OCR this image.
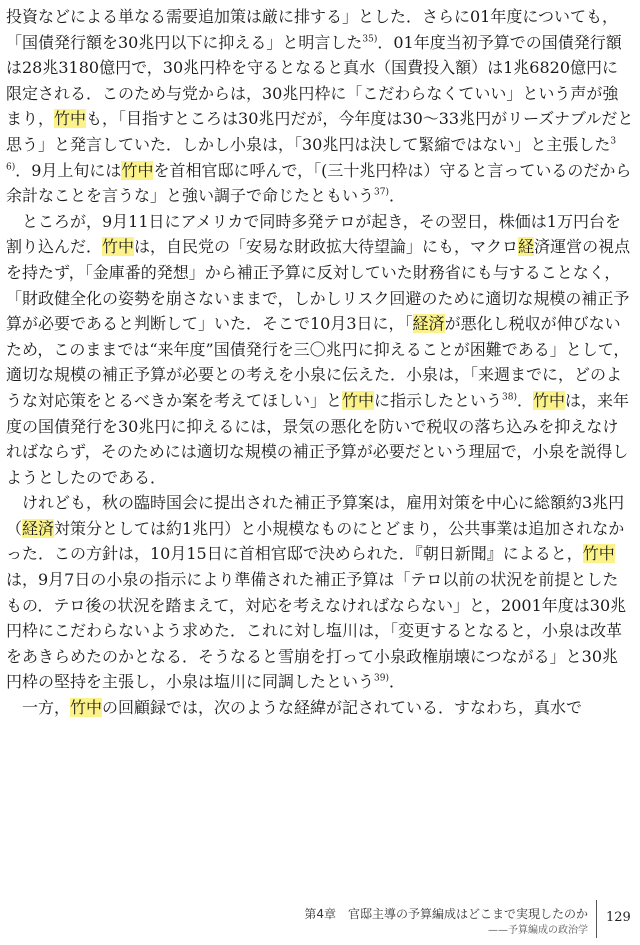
投資などによる単なる需要追加策は厳に排する」とした．さらに01年度についても，「国債発行額を30兆円以下に抑える」と明言した$^{35)}$．01年度当初予算での国債発行額は28兆3180億円で，30兆円枠を守るとなると真水（国費投入額）は1兆6820億円に限定される．このため与党からは，30兆円枠に「こだわらなくていい」という声が強まり，竹中も，「目指すところは30兆円だが，今年度は30～33兆円がリーズナブルだと思う」と発言していた．しかし小泉は，「30兆円は決して緊縮ではない」と主張した$^{36)}$．9月上旬には竹中を首相官邸に呼んで，「(三十兆円枠は）守ると言っているのだから余計なことを言うな」と強い調子で命じたともいう$^{37)}$．

ところが，9月11日にアメリカで同時多発テロが起き，その翌日，株価は1万円台を割り込んだ．竹中は，自民党の「安易な財政拡大待望論」にも，マクロ経済運営の視点を持たず，「金庫番的発想」から補正予算に反対していた財務省にも与することなく，「財政健全化の姿勢を崩さないままで，しかしリスク回避のために適切な規模の補正予算が必要であると判断して」いた．そこで10月3日に，「経済が悪化し税収が伸びないため，このままでは“来年度”国債発行を三〇兆円に抑えることが困難である」として，適切な規模の補正予算が必要との考えを小泉に伝えた．小泉は，「来週までに，どのような対応策をとるべきか案を考えてほしい」と竹中に指示したという$^{38)}$．竹中は，来年度の国債発行を30兆円に抑えるには，景気の悪化を防いで税収の落ち込みを抑えなければならず，そのためには適切な規模の補正予算が必要だという理屈で，小泉を説得しようとしたのである．

けれども，秋の臨時国会に提出された補正予算案は，雇用対策を中心に総額約3兆円（経済対策分としては約1兆円）と小規模なものにとどまり，公共事業は追加されなかった．この方針は，10月15日に首相官邸で決められた．『朝日新聞』によると，竹中は，9月7日の小泉の指示により準備された補正予算は「テロ以前の状況を前提としたもの．テロ後の状況を踏まえて，対応を考えなければならない」と，2001年度は30兆円枠にこだわらないよう求めた．これに対し塩川は，「変更するとなると，小泉は改革をあきらめたのかとなる．そうなると雪崩を打って小泉政権崩壊につながる」と30兆円枠の堅持を主張し，小泉は塩川に同調したという$^{39)}$．

一方，竹中の回顧録では，次のような経緯が記されている．すなわち，真水で

第4章　官邸主導の予算編成はどこまで実現したのか
——予算編成の政治学
129
